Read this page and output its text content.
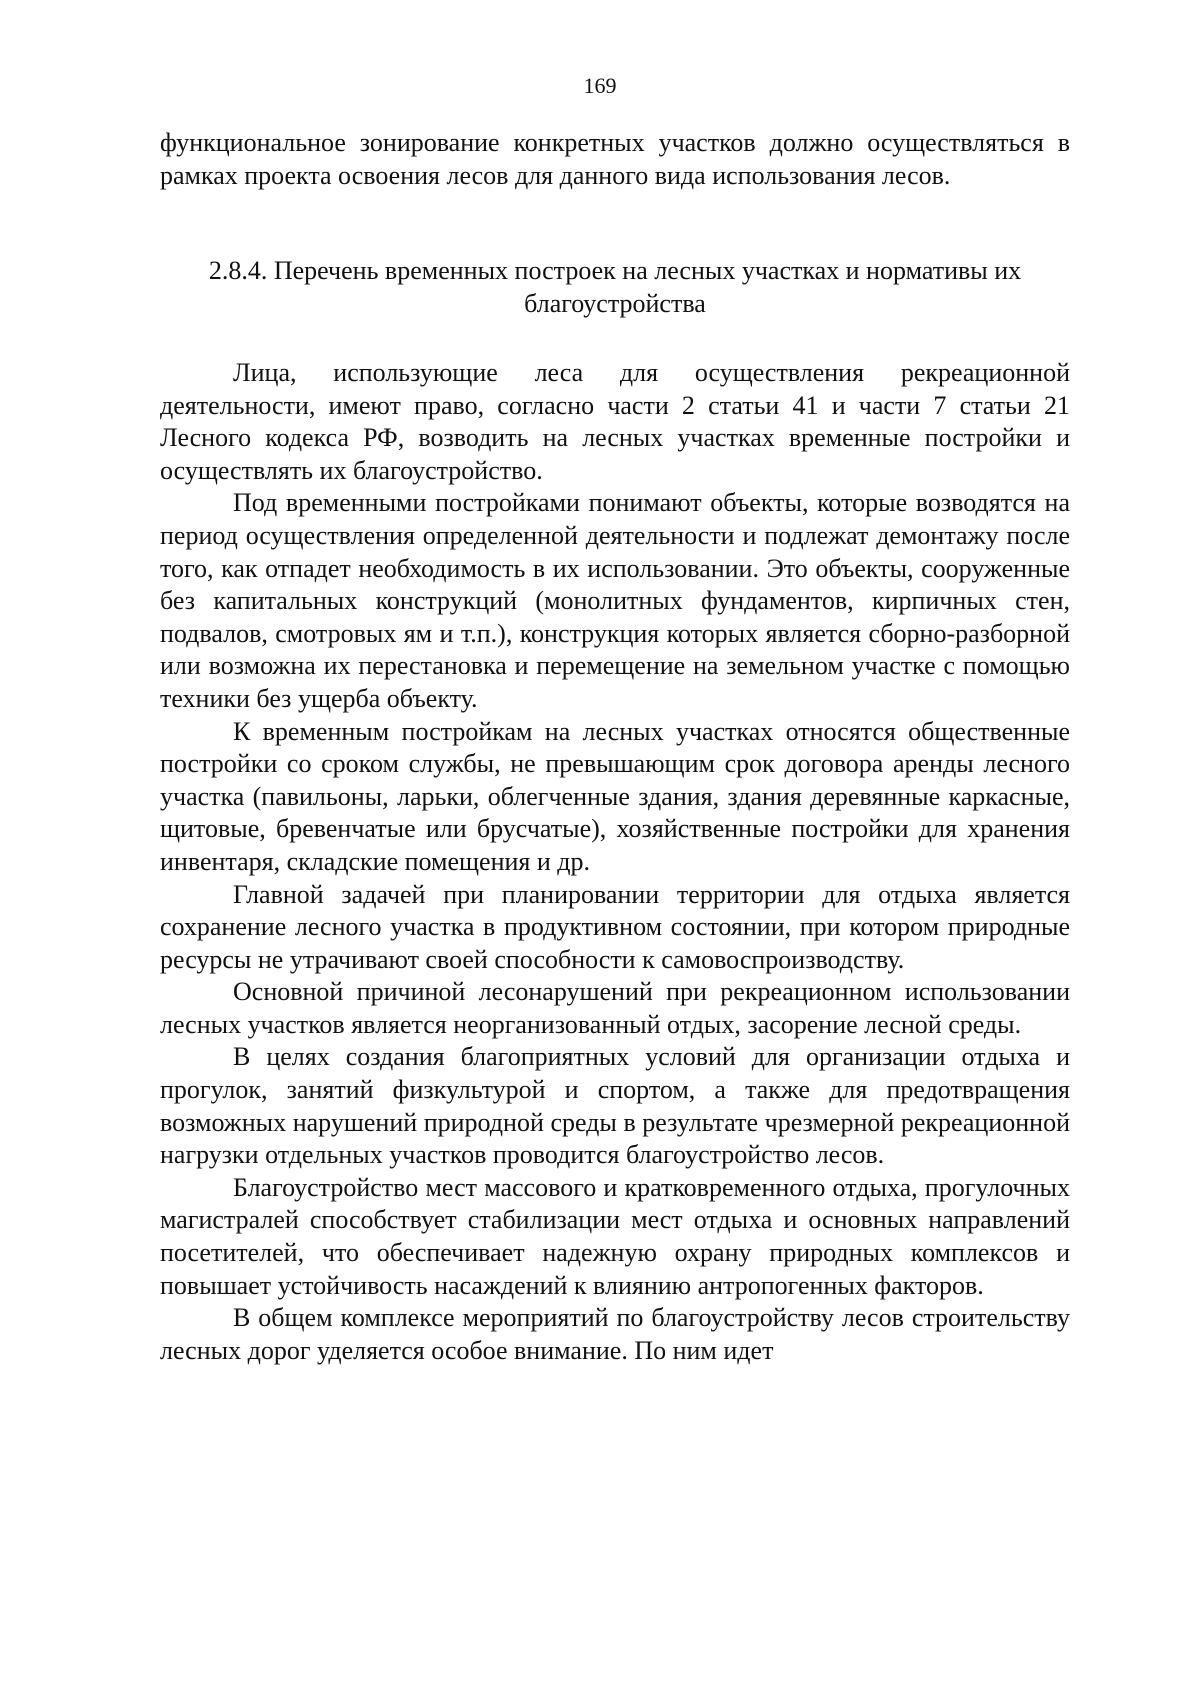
169

функциональное зонирование конкретных участков должно осуществляться в рамках проекта освоения лесов для данного вида использования лесов.

2.8.4. Перечень временных построек на лесных участках и нормативы их
благоустройства

Лица, использующие леса для осуществления рекреационной деятельности, имеют право, согласно части 2 статьи 41 и части 7 статьи 21 Лесного кодекса РФ, возводить на лесных участках временные постройки и осуществлять их благоустройство.

Под временными постройками понимают объекты, которые возводятся на период осуществления определенной деятельности и подлежат демонтажу после того, как отпадет необходимость в их использовании. Это объекты, сооруженные без капитальных конструкций (монолитных фундаментов, кирпичных стен, подвалов, смотровых ям и т.п.), конструкция которых является сборно-разборной или возможна их перестановка и перемещение на земельном участке с помощью техники без ущерба объекту.

К временным постройкам на лесных участках относятся общественные постройки со сроком службы, не превышающим срок договора аренды лесного участка (павильоны, ларьки, облегченные здания, здания деревянные каркасные, щитовые, бревенчатые или брусчатые), хозяйственные постройки для хранения инвентаря, складские помещения и др.

Главной задачей при планировании территории для отдыха является сохранение лесного участка в продуктивном состоянии, при котором природные ресурсы не утрачивают своей способности к самовоспроизводству.

Основной причиной лесонарушений при рекреационном использовании лесных участков является неорганизованный отдых, засорение лесной среды.

В целях создания благоприятных условий для организации отдыха и прогулок, занятий физкультурой и спортом, а также для предотвращения возможных нарушений природной среды в результате чрезмерной рекреационной нагрузки отдельных участков проводится благоустройство лесов.

Благоустройство мест массового и кратковременного отдыха, прогулочных магистралей способствует стабилизации мест отдыха и основных направлений посетителей, что обеспечивает надежную охрану природных комплексов и повышает устойчивость насаждений к влиянию антропогенных факторов.

В общем комплексе мероприятий по благоустройству лесов строительству лесных дорог уделяется особое внимание. По ним идет
